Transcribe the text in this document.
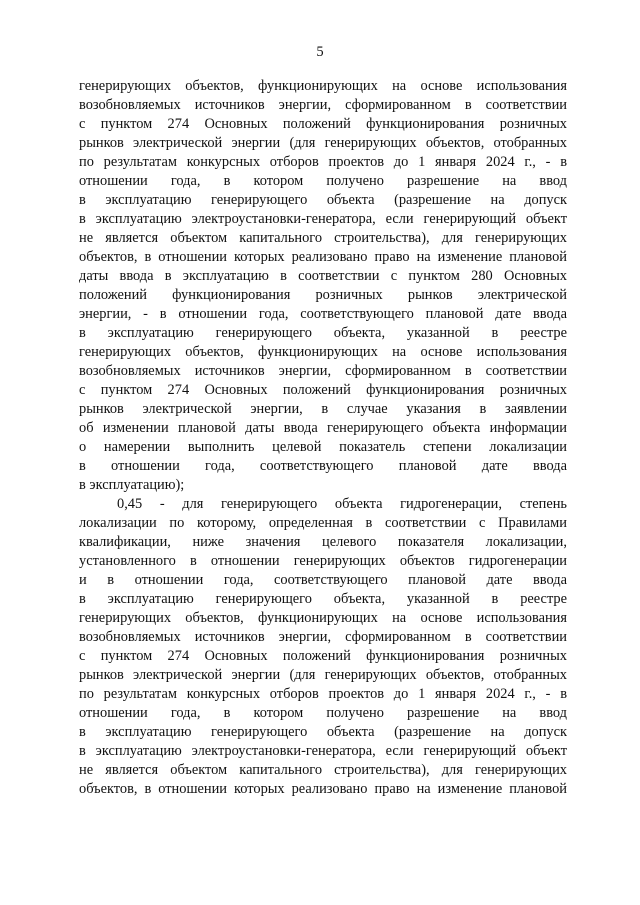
5
генерирующих объектов, функционирующих на основе использования
возобновляемых источников энергии, сформированном в соответствии
с пунктом 274 Основных положений функционирования розничных
рынков электрической энергии (для генерирующих объектов, отобранных
по результатам конкурсных отборов проектов до 1 января 2024 г., - в
отношении года, в котором получено разрешение на ввод
в эксплуатацию генерирующего объекта (разрешение на допуск
в эксплуатацию электроустановки-генератора, если генерирующий объект
не является объектом капитального строительства), для генерирующих
объектов, в отношении которых реализовано право на изменение плановой
даты ввода в эксплуатацию в соответствии с пунктом 280 Основных
положений функционирования розничных рынков электрической
энергии, - в отношении года, соответствующего плановой дате ввода
в эксплуатацию генерирующего объекта, указанной в реестре
генерирующих объектов, функционирующих на основе использования
возобновляемых источников энергии, сформированном в соответствии
с пунктом 274 Основных положений функционирования розничных
рынков электрической энергии, в случае указания в заявлении
об изменении плановой даты ввода генерирующего объекта информации
о намерении выполнить целевой показатель степени локализации
в отношении года, соответствующего плановой дате ввода
в эксплуатацию);
0,45 - для генерирующего объекта гидрогенерации, степень
локализации по которому, определенная в соответствии с Правилами
квалификации, ниже значения целевого показателя локализации,
установленного в отношении генерирующих объектов гидрогенерации
и в отношении года, соответствующего плановой дате ввода
в эксплуатацию генерирующего объекта, указанной в реестре
генерирующих объектов, функционирующих на основе использования
возобновляемых источников энергии, сформированном в соответствии
с пунктом 274 Основных положений функционирования розничных
рынков электрической энергии (для генерирующих объектов, отобранных
по результатам конкурсных отборов проектов до 1 января 2024 г., - в
отношении года, в котором получено разрешение на ввод
в эксплуатацию генерирующего объекта (разрешение на допуск
в эксплуатацию электроустановки-генератора, если генерирующий объект
не является объектом капитального строительства), для генерирующих
объектов, в отношении которых реализовано право на изменение плановой
